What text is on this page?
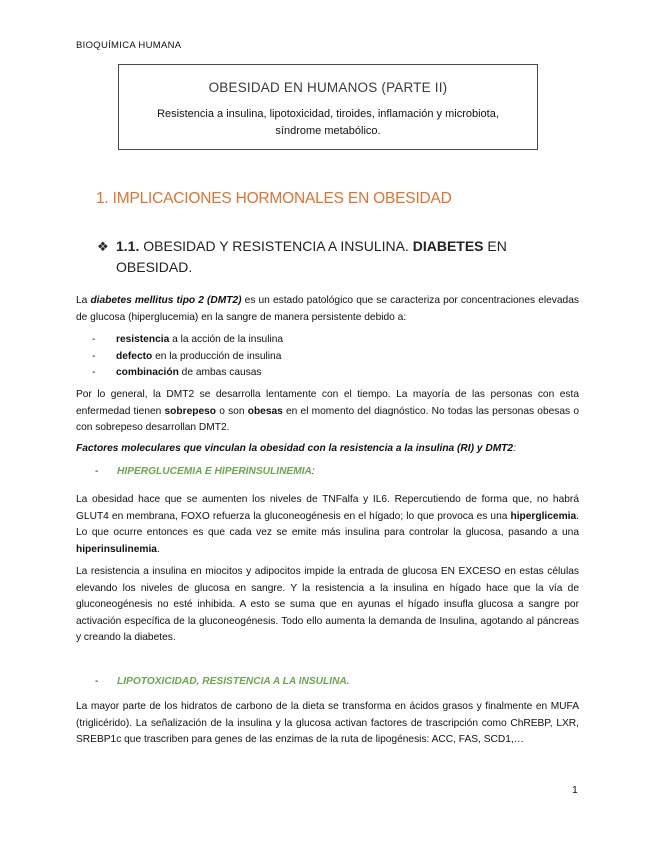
BIOQUÍMICA HUMANA
OBESIDAD EN HUMANOS (PARTE II)
Resistencia a insulina, lipotoxicidad, tiroides, inflamación y microbiota, síndrome metabólico.
1. IMPLICACIONES HORMONALES EN OBESIDAD
❖ 1.1. OBESIDAD Y RESISTENCIA A INSULINA. DIABETES EN
OBESIDAD.
La diabetes mellitus tipo 2 (DMT2) es un estado patológico que se caracteriza por concentraciones elevadas de glucosa (hiperglucemia) en la sangre de manera persistente debido a:
- resistencia a la acción de la insulina
- defecto en la producción de insulina
- combinación de ambas causas
Por lo general, la DMT2 se desarrolla lentamente con el tiempo. La mayoría de las personas con esta enfermedad tienen sobrepeso o son obesas en el momento del diagnóstico. No todas las personas obesas o con sobrepeso desarrollan DMT2.
Factores moleculares que vinculan la obesidad con la resistencia a la insulina (RI) y DMT2:
- HIPERGLUCEMIA E HIPERINSULINEMIA:
La obesidad hace que se aumenten los niveles de TNFalfa y IL6. Repercutiendo de forma que, no habrá GLUT4 en membrana, FOXO refuerza la gluconeogénesis en el hígado; lo que provoca es una hiperglicemia. Lo que ocurre entonces es que cada vez se emite más insulina para controlar la glucosa, pasando a una hiperinsulinemia.
La resistencia a insulina en miocitos y adipocitos impide la entrada de glucosa EN EXCESO en estas células elevando los niveles de glucosa en sangre. Y la resistencia a la insulina en hígado hace que la vía de gluconeogénesis no esté inhibida. A esto se suma que en ayunas el hígado insufla glucosa a sangre por activación específica de la gluconeogénesis. Todo ello aumenta la demanda de Insulina, agotando al páncreas y creando la diabetes.
- LIPOTOXICIDAD, RESISTENCIA A LA INSULINA.
La mayor parte de los hidratos de carbono de la dieta se transforma en ácidos grasos y finalmente en MUFA (triglicérido). La señalización de la insulina y la glucosa activan factores de trascripción como ChREBP, LXR, SREBP1c que trascriben para genes de las enzimas de la ruta de lipogénesis: ACC, FAS, SCD1,…
1
